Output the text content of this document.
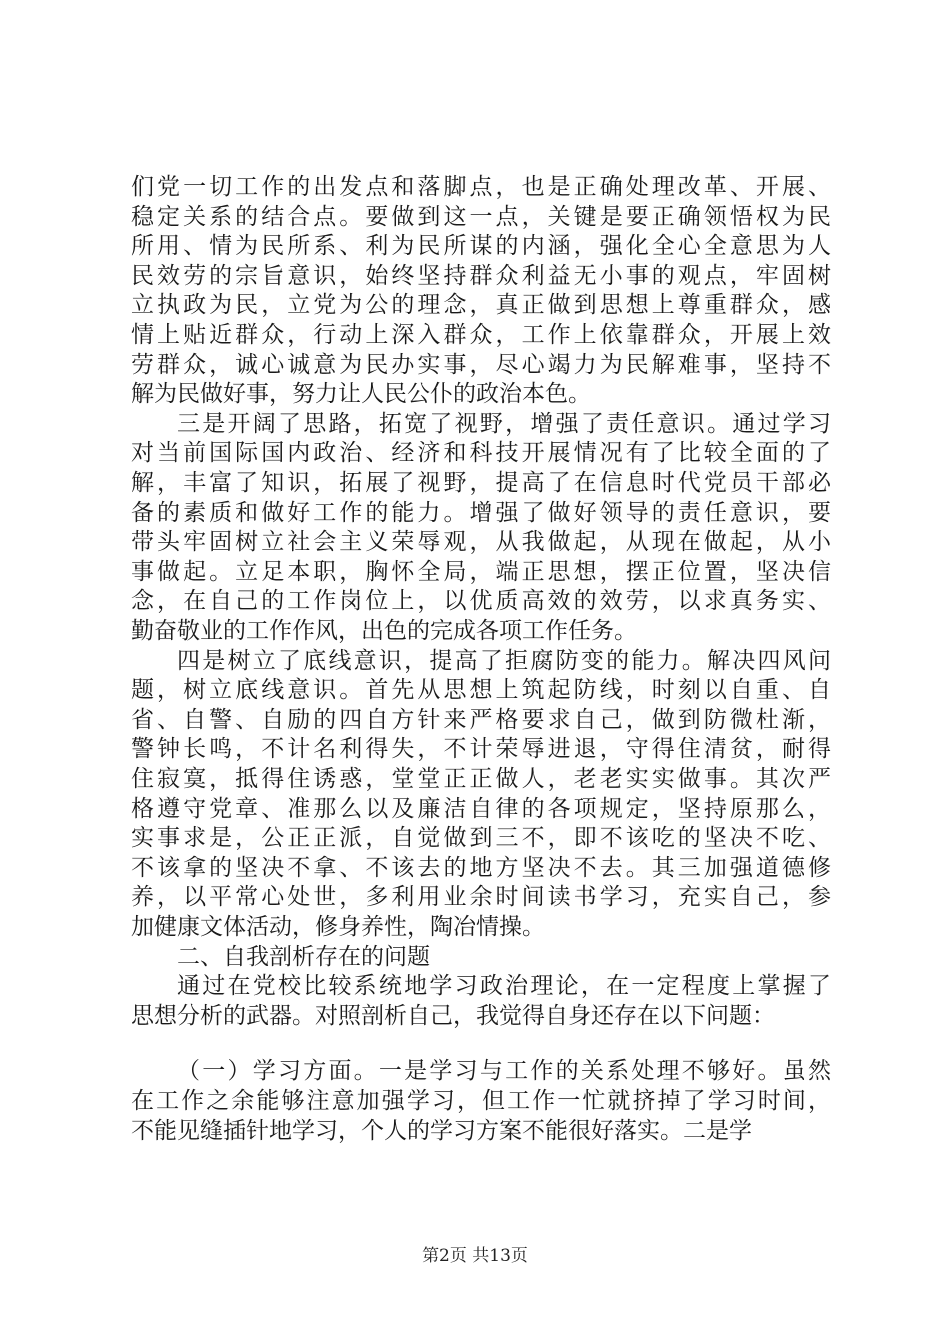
第2页 共13页
们党一切工作的出发点和落脚点，也是正确处理改革、开展、
稳定关系的结合点。要做到这一点，关键是要正确领悟权为民
所用、情为民所系、利为民所谋的内涵，强化全心全意思为人
民效劳的宗旨意识，始终坚持群众利益无小事的观点，牢固树
立执政为民，立党为公的理念，真正做到思想上尊重群众，感
情上贴近群众，行动上深入群众，工作上依靠群众，开展上效
劳群众，诚心诚意为民办实事，尽心竭力为民解难事，坚持不
解为民做好事，努力让人民公仆的政治本色。
三是开阔了思路，拓宽了视野，增强了责任意识。通过学习
对当前国际国内政治、经济和科技开展情况有了比较全面的了
解，丰富了知识，拓展了视野，提高了在信息时代党员干部必
备的素质和做好工作的能力。增强了做好领导的责任意识，要
带头牢固树立社会主义荣辱观，从我做起，从现在做起，从小
事做起。立足本职，胸怀全局，端正思想，摆正位置，坚决信
念，在自己的工作岗位上，以优质高效的效劳，以求真务实、
勤奋敬业的工作作风，出色的完成各项工作任务。
四是树立了底线意识，提高了拒腐防变的能力。解决四风问
题，树立底线意识。首先从思想上筑起防线，时刻以自重、自
省、自警、自励的四自方针来严格要求自己，做到防微杜渐，
警钟长鸣，不计名利得失，不计荣辱进退，守得住清贫，耐得
住寂寞，抵得住诱惑，堂堂正正做人，老老实实做事。其次严
格遵守党章、准那么以及廉洁自律的各项规定，坚持原那么，
实事求是，公正正派，自觉做到三不，即不该吃的坚决不吃、
不该拿的坚决不拿、不该去的地方坚决不去。其三加强道德修
养，以平常心处世，多利用业余时间读书学习，充实自己，参
加健康文体活动，修身养性，陶冶情操。
二、自我剖析存在的问题
通过在党校比较系统地学习政治理论，在一定程度上掌握了
思想分析的武器。对照剖析自己，我觉得自身还存在以下问题：
（一）学习方面。一是学习与工作的关系处理不够好。虽然
在工作之余能够注意加强学习，但工作一忙就挤掉了学习时间，
不能见缝插针地学习，个人的学习方案不能很好落实。二是学
